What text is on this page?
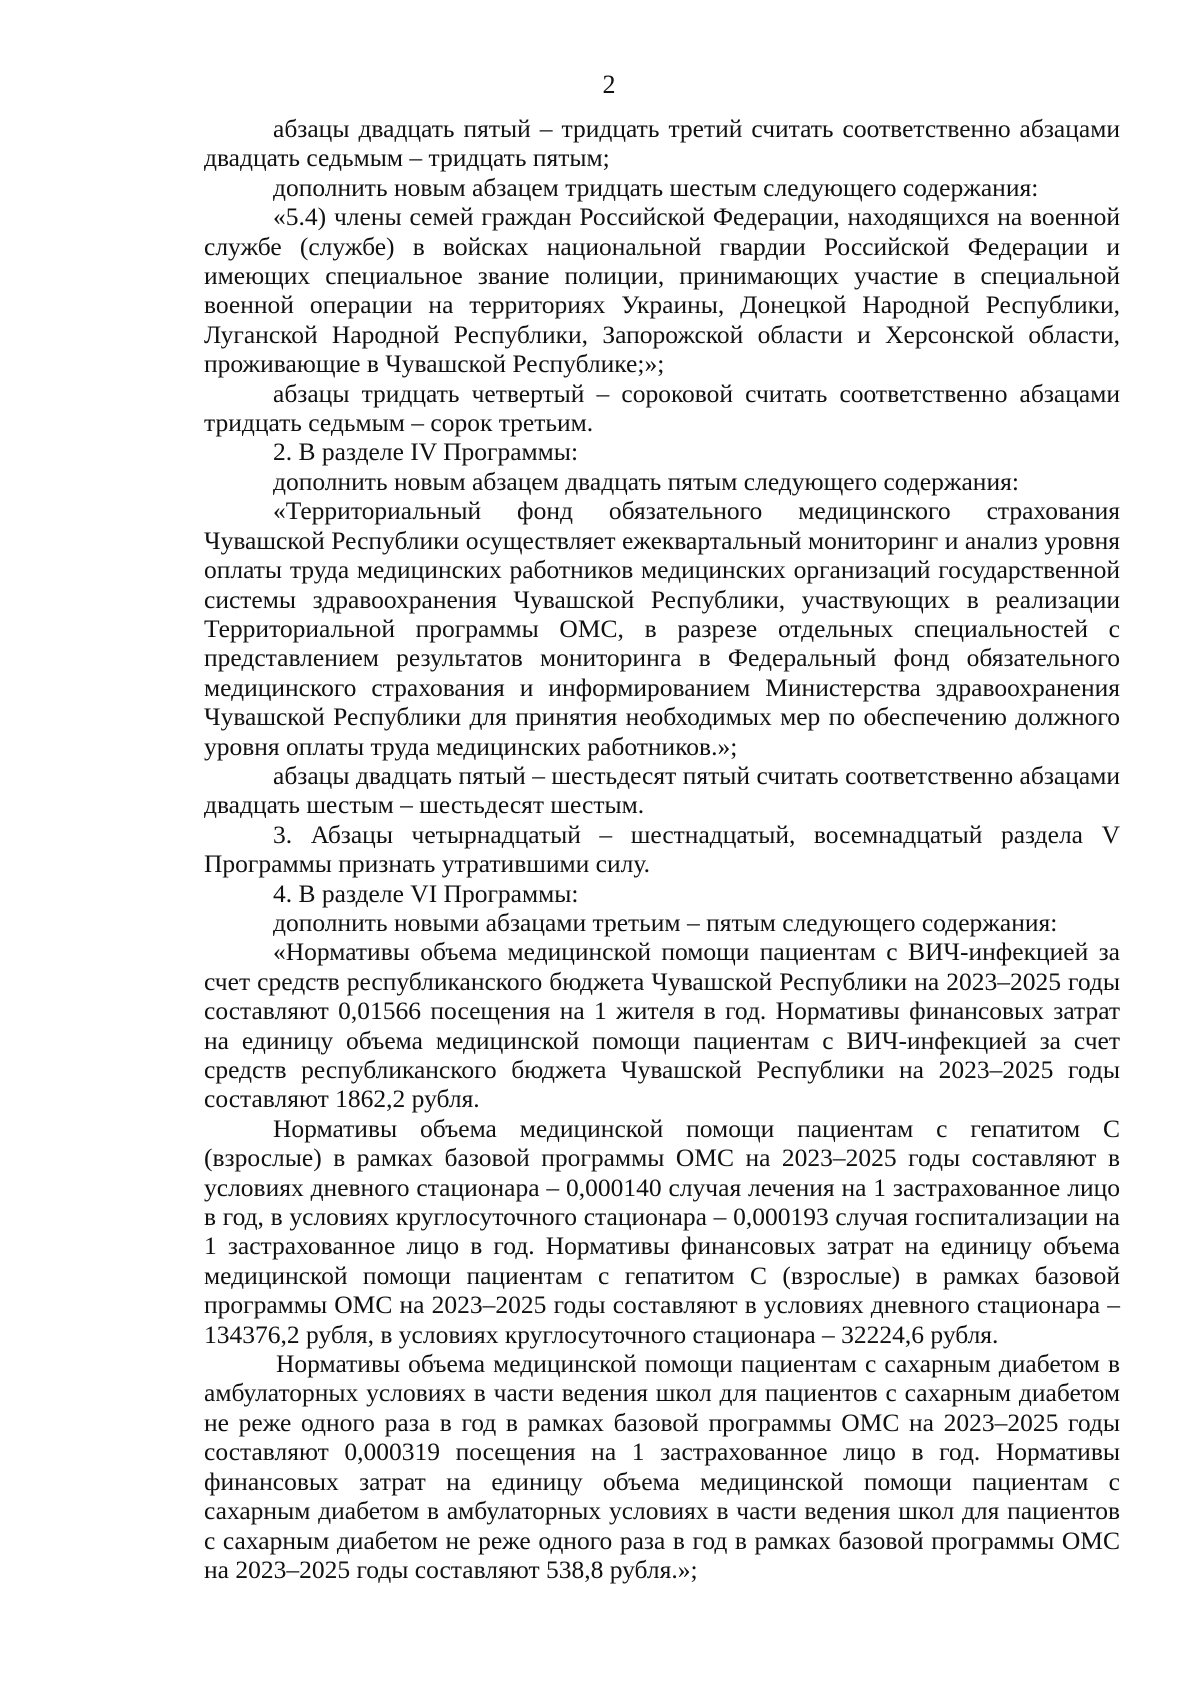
2

абзацы двадцать пятый – тридцать третий считать соответственно абзацами двадцать седьмым – тридцать пятым;

дополнить новым абзацем тридцать шестым следующего содержания:

«5.4) члены семей граждан Российской Федерации, находящихся на военной службе (службе) в войсках национальной гвардии Российской Федерации и имеющих специальное звание полиции, принимающих участие в специальной военной операции на территориях Украины, Донецкой Народной Республики, Луганской Народной Республики, Запорожской области и Херсонской области, проживающие в Чувашской Республике;»;

абзацы тридцать четвертый – сороковой считать соответственно абзацами тридцать седьмым – сорок третьим.

2. В разделе IV Программы:

дополнить новым абзацем двадцать пятым следующего содержания:

«Территориальный фонд обязательного медицинского страхования Чувашской Республики осуществляет ежеквартальный мониторинг и анализ уровня оплаты труда медицинских работников медицинских организаций государственной системы здравоохранения Чувашской Республики, участвующих в реализации Территориальной программы ОМС, в разрезе отдельных специальностей с представлением результатов мониторинга в Федеральный фонд обязательного медицинского страхования и информированием Министерства здравоохранения Чувашской Республики для принятия необходимых мер по обеспечению должного уровня оплаты труда медицинских работников.»;

абзацы двадцать пятый – шестьдесят пятый считать соответственно абзацами двадцать шестым – шестьдесят шестым.

3. Абзацы четырнадцатый – шестнадцатый, восемнадцатый раздела V Программы признать утратившими силу.

4. В разделе VI Программы:

дополнить новыми абзацами третьим – пятым следующего содержания:

«Нормативы объема медицинской помощи пациентам с ВИЧ-инфекцией за счет средств республиканского бюджета Чувашской Республики на 2023–2025 годы составляют 0,01566 посещения на 1 жителя в год. Нормативы финансовых затрат на единицу объема медицинской помощи пациентам с ВИЧ-инфекцией за счет средств республиканского бюджета Чувашской Республики на 2023–2025 годы составляют 1862,2 рубля.

Нормативы объема медицинской помощи пациентам с гепатитом С (взрослые) в рамках базовой программы ОМС на 2023–2025 годы составляют в условиях дневного стационара – 0,000140 случая лечения на 1 застрахованное лицо в год, в условиях круглосуточного стационара – 0,000193 случая госпитализации на 1 застрахованное лицо в год. Нормативы финансовых затрат на единицу объема медицинской помощи пациентам с гепатитом С (взрослые) в рамках базовой программы ОМС на 2023–2025 годы составляют в условиях дневного стационара – 134376,2 рубля, в условиях круглосуточного стационара – 32224,6 рубля.

Нормативы объема медицинской помощи пациентам с сахарным диабетом в амбулаторных условиях в части ведения школ для пациентов с сахарным диабетом не реже одного раза в год в рамках базовой программы ОМС на 2023–2025 годы составляют 0,000319 посещения на 1 застрахованное лицо в год. Нормативы финансовых затрат на единицу объема медицинской помощи пациентам с сахарным диабетом в амбулаторных условиях в части ведения школ для пациентов с сахарным диабетом не реже одного раза в год в рамках базовой программы ОМС на 2023–2025 годы составляют 538,8 рубля.»;
